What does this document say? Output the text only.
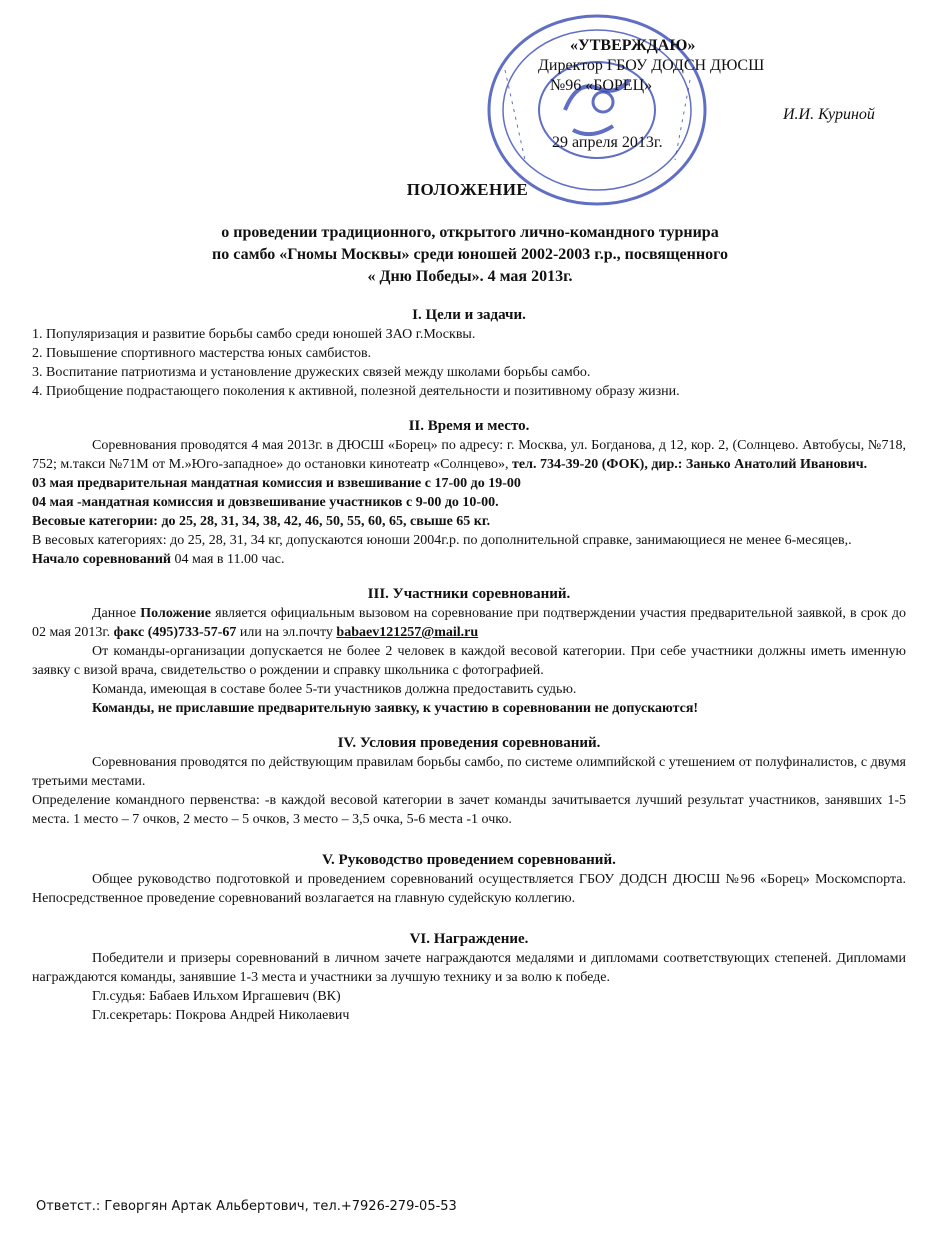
«УТВЕРЖДАЮ»
Директор ГБОУ ДОДСН ДЮСШ
№96 «БОРЕЦ»
И.И. Куриной
29 апреля 2013г.
ПОЛОЖЕНИЕ
о проведении традиционного, открытого лично-командного турнира
по самбо «Гномы Москвы» среди юношей 2002-2003 г.р., посвященного
« Дню Победы». 4 мая 2013г.

I. Цели и задачи.

1. Популяризация и развитие борьбы самбо среди юношей ЗАО г.Москвы.

2. Повышение спортивного мастерства юных самбистов.

3. Воспитание патриотизма и установление дружеских связей между школами борьбы самбо.

4. Приобщение подрастающего поколения к активной, полезной деятельности и позитивному образу жизни.

II. Время и место.

Соревнования проводятся 4 мая 2013г. в ДЮСШ «Борец» по адресу: г. Москва, ул. Богданова, д 12, кор. 2, (Солнцево. Автобусы, №718, 752; м.такси №71М от М.»Юго-западное» до остановки кинотеатр «Солнцево», тел. 734-39-20 (ФОК), дир.: Занько Анатолий Иванович.

03 мая предварительная мандатная комиссия и взвешивание с 17-00 до 19-00

04 мая -мандатная комиссия и довзвешивание участников с 9-00 до 10-00.

Весовые категории: до 25, 28, 31, 34, 38, 42, 46, 50, 55, 60, 65, свыше 65 кг.

В весовых категориях: до 25, 28, 31, 34 кг, допускаются юноши 2004г.р. по дополнительной справке, занимающиеся не менее 6-месяцев,.

Начало соревнований 04 мая в 11.00 час.

III. Участники соревнований.

Данное Положение является официальным вызовом на соревнование при подтверждении участия предварительной заявкой, в срок до 02 мая 2013г. факс (495)733-57-67 или на эл.почту babaev121257@mail.ru

От команды-организации допускается не более 2 человек в каждой весовой категории. При себе участники должны иметь именную заявку с визой врача, свидетельство о рождении и справку школьника с фотографией.

Команда, имеющая в составе более 5-ти участников должна предоставить судью.

Команды, не приславшие предварительную заявку, к участию в соревновании не допускаются!

IV. Условия проведения соревнований.

Соревнования проводятся по действующим правилам борьбы самбо, по системе олимпийской с утешением от полуфиналистов, с двумя третьими местами.

Определение командного первенства: -в каждой весовой категории в зачет команды зачитывается лучший результат участников, занявших 1-5 места. 1 место – 7 очков, 2 место – 5 очков, 3 место – 3,5 очка, 5-6 места -1 очко.

V. Руководство проведением соревнований.

Общее руководство подготовкой и проведением соревнований осуществляется ГБОУ ДОДСН ДЮСШ №96 «Борец» Москомспорта. Непосредственное проведение соревнований возлагается на главную судейскую коллегию.

VI. Награждение.

Победители и призеры соревнований в личном зачете награждаются медалями и дипломами соответствующих степеней. Дипломами награждаются команды, занявшие 1-3 места и участники за лучшую технику и за волю к победе.

Гл.судья: Бабаев Ильхом Иргашевич (ВК)

Гл.секретарь: Покрова Андрей Николаевич

Ответст.: Геворгян Артак Альбертович, тел.+7926-279-05-53
